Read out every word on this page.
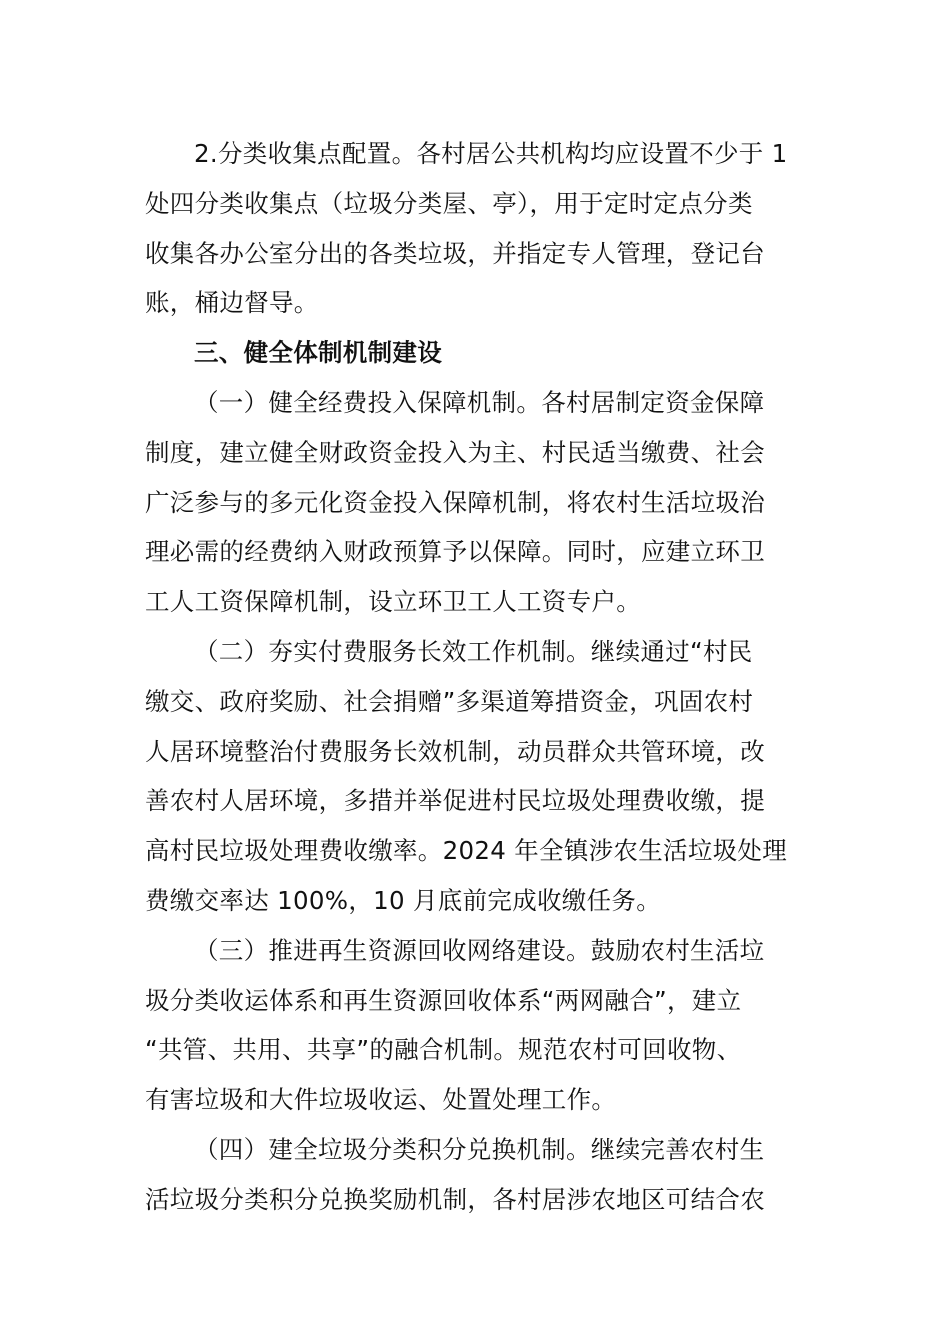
2.分类收集点配置。各村居公共机构均应设置不少于 1
处四分类收集点（垃圾分类屋、亭），用于定时定点分类
收集各办公室分出的各类垃圾，并指定专人管理，登记台
账，桶边督导。
三、健全体制机制建设
（一）健全经费投入保障机制。各村居制定资金保障
制度，建立健全财政资金投入为主、村民适当缴费、社会
广泛参与的多元化资金投入保障机制，将农村生活垃圾治
理必需的经费纳入财政预算予以保障。同时，应建立环卫
工人工资保障机制，设立环卫工人工资专户。
（二）夯实付费服务长效工作机制。继续通过“村民
缴交、政府奖励、社会捐赠”多渠道筹措资金，巩固农村
人居环境整治付费服务长效机制，动员群众共管环境，改
善农村人居环境，多措并举促进村民垃圾处理费收缴，提
高村民垃圾处理费收缴率。2024 年全镇涉农生活垃圾处理
费缴交率达 100%，10 月底前完成收缴任务。
（三）推进再生资源回收网络建设。鼓励农村生活垃
圾分类收运体系和再生资源回收体系“两网融合”，建立
“共管、共用、共享”的融合机制。规范农村可回收物、
有害垃圾和大件垃圾收运、处置处理工作。
（四）建全垃圾分类积分兑换机制。继续完善农村生
活垃圾分类积分兑换奖励机制，各村居涉农地区可结合农
